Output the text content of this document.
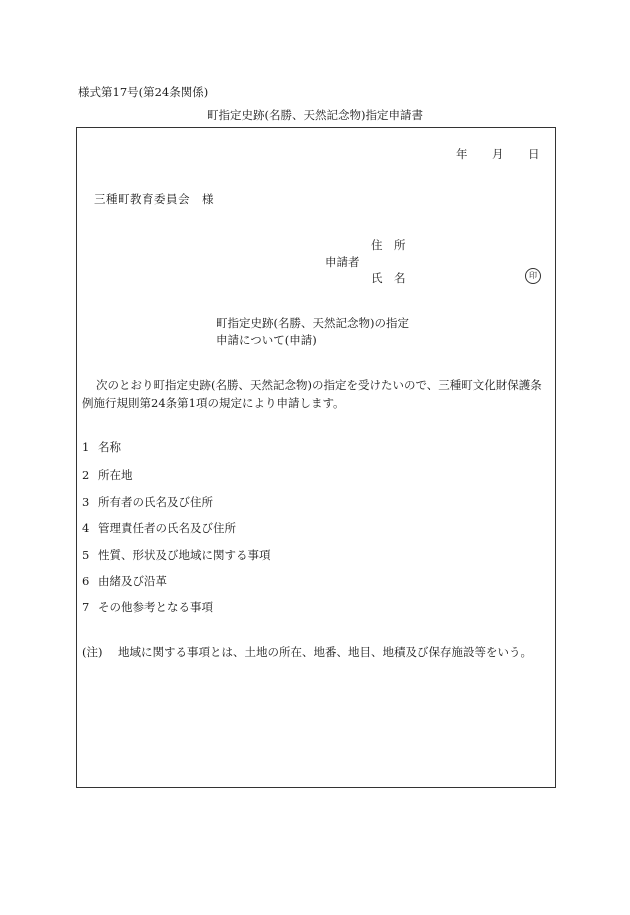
様式第17号(第24条関係)
町指定史跡(名勝、天然記念物)指定申請書
年 月 日
三種町教育委員会　様
住　所
申請者
氏　名	印
町指定史跡(名勝、天然記念物)の指定
申請について(申請)
次のとおり町指定史跡(名勝、天然記念物)の指定を受けたいので、三種町文化財保護条
例施行規則第24条第1項の規定により申請します。
1 名称
2 所在地
3 所有者の氏名及び住所
4 管理責任者の氏名及び住所
5 性質、形状及び地域に関する事項
6 由緒及び沿革
7 その他参考となる事項
(注) 地域に関する事項とは、土地の所在、地番、地目、地積及び保存施設等をいう。
